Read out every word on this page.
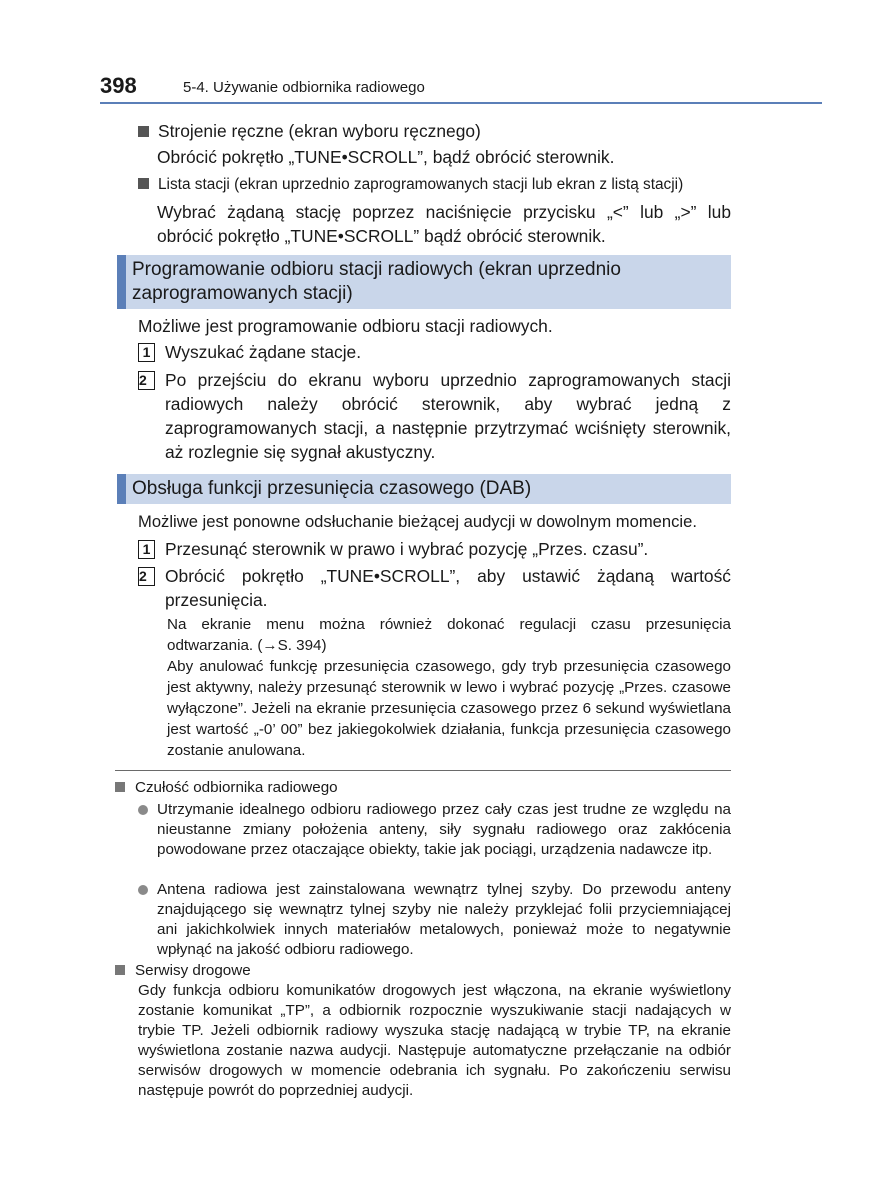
398	5-4. Używanie odbiornika radiowego
Strojenie ręczne (ekran wyboru ręcznego)
Obrócić pokrętło „TUNE•SCROLL”, bądź obrócić sterownik.
Lista stacji (ekran uprzednio zaprogramowanych stacji lub ekran z listą stacji)
Wybrać żądaną stację poprzez naciśnięcie przycisku „<” lub „>” lub obrócić pokrętło „TUNE•SCROLL” bądź obrócić sterownik.
Programowanie odbioru stacji radiowych (ekran uprzednio zaprogramowanych stacji)
Możliwe jest programowanie odbioru stacji radiowych.
1 Wyszukać żądane stacje.
2	Po przejściu do ekranu wyboru uprzednio zaprogramowanych stacji radiowych należy obrócić sterownik, aby wybrać jedną z zaprogramowanych stacji, a następnie przytrzymać wciśnięty sterownik, aż rozlegnie się sygnał akustyczny.
Obsługa funkcji przesunięcia czasowego (DAB)
Możliwe jest ponowne odsłuchanie bieżącej audycji w dowolnym momencie.
1 Przesunąć sterownik w prawo i wybrać pozycję „Przes. czasu”.
2	Obrócić pokrętło „TUNE•SCROLL”, aby ustawić żądaną wartość przesunięcia.
Na ekranie menu można również dokonać regulacji czasu przesunięcia odtwarzania. (→S. 394)
Aby anulować funkcję przesunięcia czasowego, gdy tryb przesunięcia czasowego jest aktywny, należy przesunąć sterownik w lewo i wybrać pozycję „Przes. czasowe wyłączone”. Jeżeli na ekranie przesunięcia czasowego przez 6 sekund wyświetlana jest wartość „-0’ 00” bez jakiegokolwiek działania, funkcja przesunięcia czasowego zostanie anulowana.
Czułość odbiornika radiowego
Utrzymanie idealnego odbioru radiowego przez cały czas jest trudne ze względu na nieustanne zmiany położenia anteny, siły sygnału radiowego oraz zakłócenia powodowane przez otaczające obiekty, takie jak pociągi, urządzenia nadawcze itp.
Antena radiowa jest zainstalowana wewnątrz tylnej szyby. Do przewodu anteny znajdującego się wewnątrz tylnej szyby nie należy przyklejać folii przyciemniającej ani jakichkolwiek innych materiałów metalowych, ponieważ może to negatywnie wpłynąć na jakość odbioru radiowego.
Serwisy drogowe
Gdy funkcja odbioru komunikatów drogowych jest włączona, na ekranie wyświetlony zostanie komunikat „TP”, a odbiornik rozpocznie wyszukiwanie stacji nadających w trybie TP. Jeżeli odbiornik radiowy wyszuka stację nadającą w trybie TP, na ekranie wyświetlona zostanie nazwa audycji. Następuje automatyczne przełączanie na odbiór serwisów drogowych w momencie odebrania ich sygnału. Po zakończeniu serwisu następuje powrót do poprzedniej audycji.
